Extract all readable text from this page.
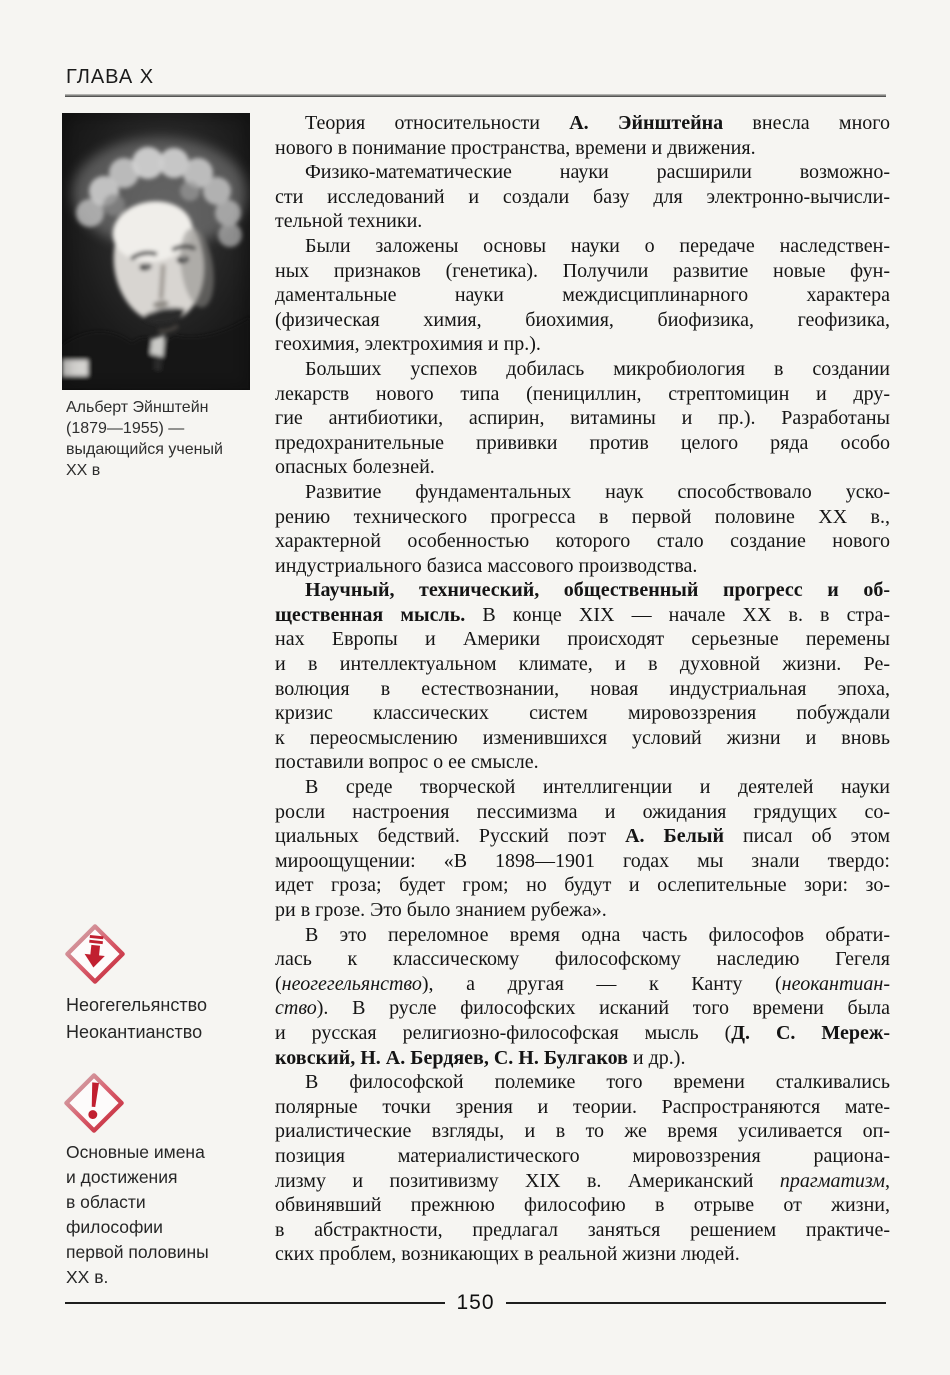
ГЛАВА X
Альберт Эйнштейн
(1879—1955) —
выдающийся ученый
XX в
Неогегельянство
Неокантианство
Основные имена
и достижения
в области
философии
первой половины
XX в.
Теория относительности А. Эйнштейна внесла много
нового в понимание пространства, времени и движения.
Физико-математические науки расширили возможно-
сти исследований и создали базу для электронно-вычисли-
тельной техники.
Были заложены основы науки о передаче наследствен-
ных признаков (генетика). Получили развитие новые фун-
даментальные науки междисциплинарного характера
(физическая химия, биохимия, биофизика, геофизика,
геохимия, электрохимия и пр.).
Больших успехов добилась микробиология в создании
лекарств нового типа (пенициллин, стрептомицин и дру-
гие антибиотики, аспирин, витамины и пр.). Разработаны
предохранительные прививки против целого ряда особо
опасных болезней.
Развитие фундаментальных наук способствовало уско-
рению технического прогресса в первой половине XX в.,
характерной особенностью которого стало создание нового
индустриального базиса массового производства.
Научный, технический, общественный прогресс и об-
щественная мысль. В конце XIX — начале XX в. в стра-
нах Европы и Америки происходят серьезные перемены
и в интеллектуальном климате, и в духовной жизни. Ре-
волюция в естествознании, новая индустриальная эпоха,
кризис классических систем мировоззрения побуждали
к переосмыслению изменившихся условий жизни и вновь
поставили вопрос о ее смысле.
В среде творческой интеллигенции и деятелей науки
росли настроения пессимизма и ожидания грядущих со-
циальных бедствий. Русский поэт А. Белый писал об этом
мироощущении: «В 1898—1901 годах мы знали твердо:
идет гроза; будет гром; но будут и ослепительные зори: зо-
ри в грозе. Это было знанием рубежа».
В это переломное время одна часть философов обрати-
лась к классическому философскому наследию Гегеля
(неогегельянство), а другая — к Канту (неокантиан-
ство). В русле философских исканий того времени была
и русская религиозно-философская мысль (Д. С. Мереж-
ковский, Н. А. Бердяев, С. Н. Булгаков и др.).
В философской полемике того времени сталкивались
полярные точки зрения и теории. Распространяются мате-
риалистические взгляды, и в то же время усиливается оп-
позиция материалистического мировоззрения рациона-
лизму и позитивизму XIX в. Американский прагматизм,
обвинявший прежнюю философию в отрыве от жизни,
в абстрактности, предлагал заняться решением практиче-
ских проблем, возникающих в реальной жизни людей.
150
